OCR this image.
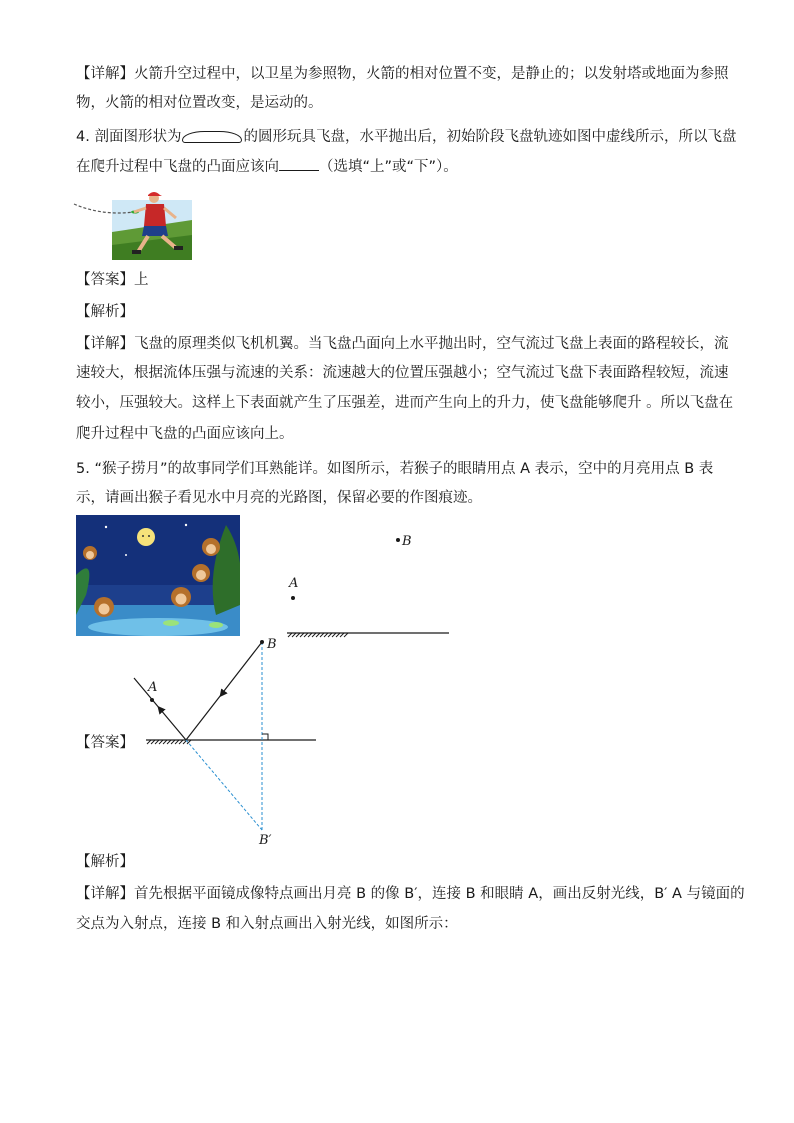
【详解】火箭升空过程中，以卫星为参照物，火箭的相对位置不变，是静止的；以发射塔或地面为参照
物，火箭的相对位置改变，是运动的。
4. 剖面图形状为	的圆形玩具飞盘，水平抛出后，初始阶段飞盘轨迹如图中虚线所示，所以飞盘
在爬升过程中飞盘的凸面应该向	（选填“上”或“下”）。
【答案】上
【解析】
【详解】飞盘的原理类似飞机机翼。当飞盘凸面向上水平抛出时，空气流过飞盘上表面的路程较长，流
速较大，根据流体压强与流速的关系：流速越大的位置压强越小；空气流过飞盘下表面路程较短，流速
较小，压强较大。这样上下表面就产生了压强差，进而产生向上的升力，使飞盘能够爬升 。所以飞盘在
爬升过程中飞盘的凸面应该向上。
5. “猴子捞月”的故事同学们耳熟能详。如图所示，若猴子的眼睛用点 A 表示，空中的月亮用点 B 表
示，请画出猴子看见水中月亮的光路图，保留必要的作图痕迹。
B
A
【答案】
A
B
B′
【解析】
【详解】首先根据平面镜成像特点画出月亮 B 的像 B′，连接 B 和眼睛 A，画出反射光线，B′ A 与镜面的
交点为入射点，连接 B 和入射点画出入射光线，如图所示：
